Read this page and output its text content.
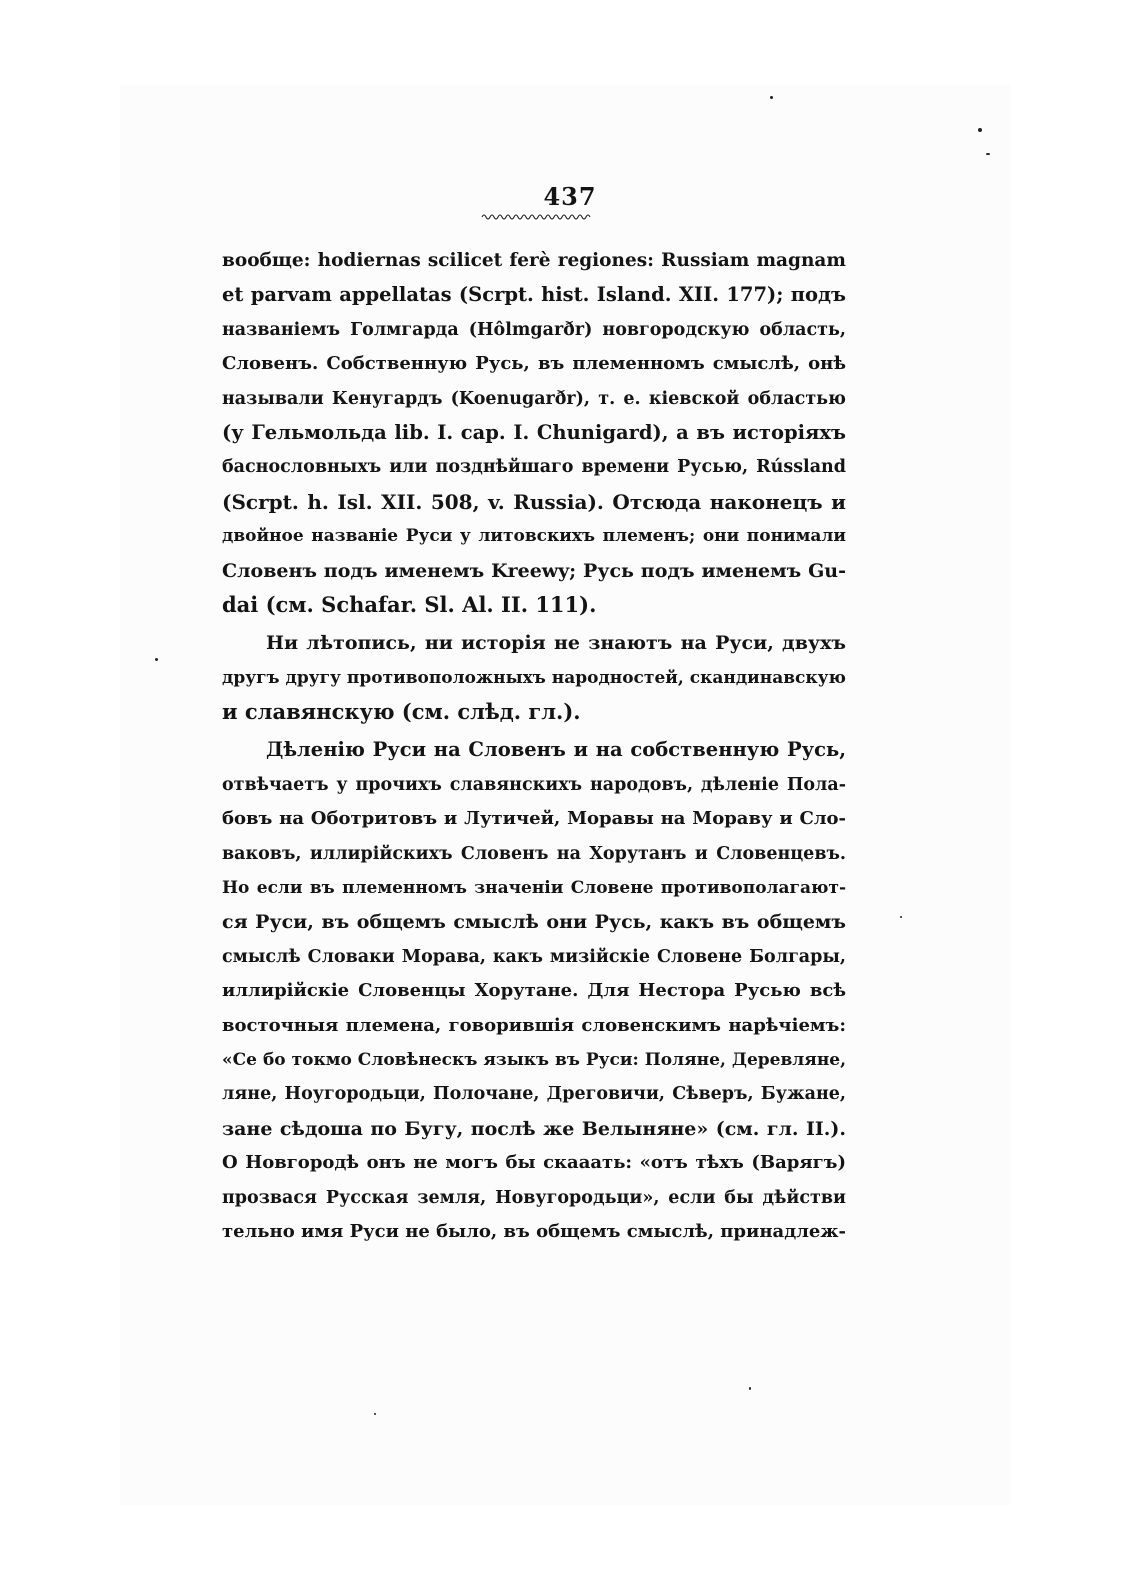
437
вообще: hodiernas scilicet ferè regiones: Russiam magnam
et parvam appellatas (Scrpt. hist. Island. XII. 177); подъ
названіемъ Голмгарда (Hôlmgarðr) новгородскую область,
Словенъ. Собственную Русь, въ племенномъ смыслѣ, онѣ
называли Кенугардъ (Koenugarðr), т. е. кіевской областью
(у Гельмольда lib. I. cap. I. Chunigard), а въ исторіяхъ
баснословныхъ или позднѣйшаго времени Русью, Rússland
(Scrpt. h. Isl. XII. 508, v. Russia). Отсюда наконецъ и
двойное названіе Руси у литовскихъ племенъ; они понимали
Словенъ подъ именемъ Kreewy; Русь подъ именемъ Gu-
dai (см. Schafar. Sl. Al. II. 111).
Ни лѣтопись, ни исторія не знаютъ на Руси, двухъ
другъ другу противоположныхъ народностей, скандинавскую
и славянскую (см. слѣд. гл.).
Дѣленію Руси на Словенъ и на собственную Русь,
отвѣчаетъ у прочихъ славянскихъ народовъ, дѣленіе Пола-
бовъ на Оботритовъ и Лутичей, Моравы на Мораву и Сло-
ваковъ, иллирійскихъ Словенъ на Хорутанъ и Словенцевъ.
Но если въ племенномъ значеніи Словене противополагают-
ся Руси, въ общемъ смыслѣ они Русь, какъ въ общемъ
смыслѣ Словаки Морава, какъ мизійскіе Словене Болгары,
иллирійскіе Словенцы Хорутане. Для Нестора Русью всѣ
восточныя племена, говорившія словенскимъ нарѣчіемъ:
«Се бо токмо Словѣнескъ языкъ въ Руси: Поляне, Деревляне,
ляне, Ноугородьци, Полочане, Дреговичи, Сѣверъ, Бужане,
зане сѣдоша по Бугу, послѣ же Велыняне» (см. гл. II.).
О Новгородѣ онъ не могъ бы скааать: «отъ тѣхъ (Варягъ)
прозвася Русская земля, Новугородьци», если бы дѣйстви
тельно имя Руси не было, въ общемъ смыслѣ, принадлеж-
